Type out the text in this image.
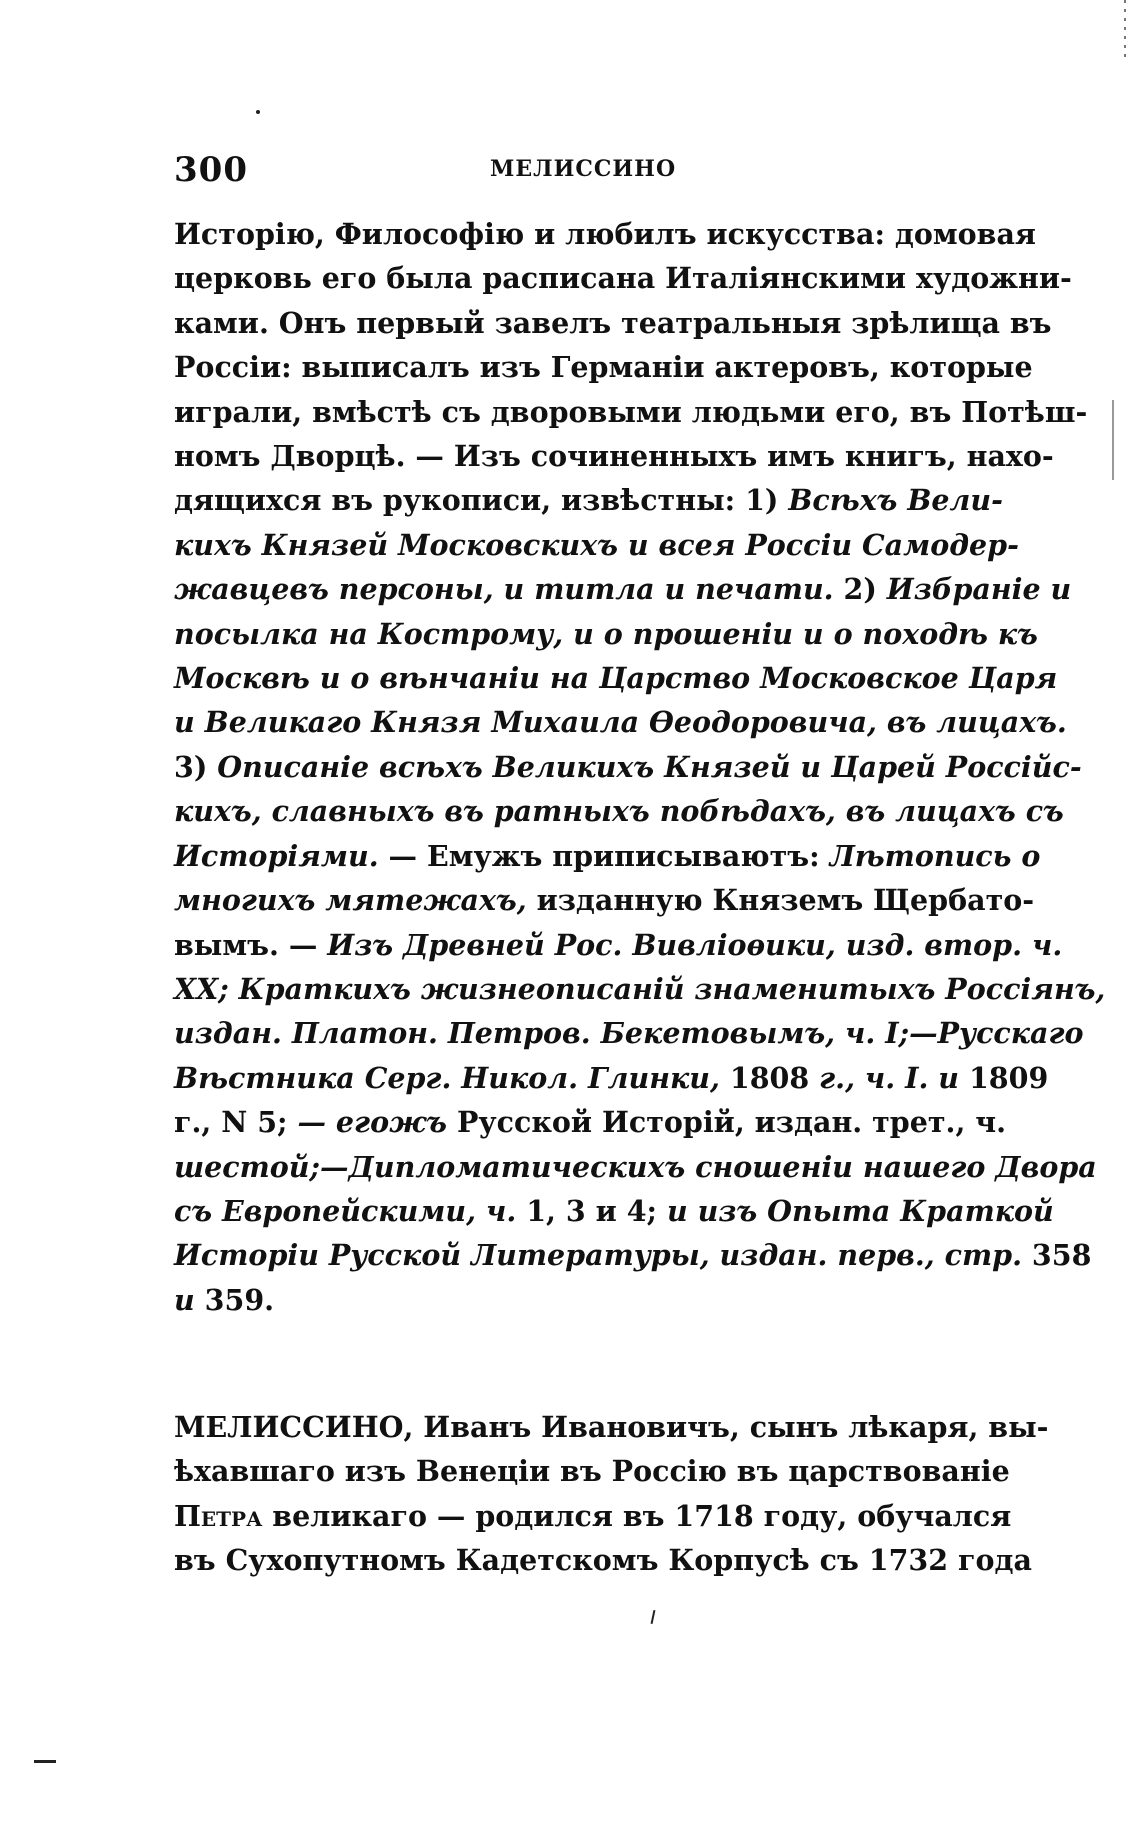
300	МЕЛИССИНО
Исторію, Философію и любилъ искусства: домовая
церковь его была расписана Италіянскими художни-
ками. Онъ первый завелъ театральныя зрѣлища въ
Россіи: выписалъ изъ Германіи актеровъ, которые
играли, вмѣстѣ съ дворовыми людьми его, въ Потѣш-
номъ Дворцѣ. — Изъ сочиненныхъ имъ книгъ, нахо-
дящихся въ рукописи, извѣстны: 1) Всѣхъ Вели-
кихъ Князей Московскихъ и всея Россіи Самодер-
жавцевъ персоны, и титла и печати. 2) Избраніе и
посылка на Кострому, и о прошеніи и о походѣ къ
Москвѣ и о вѣнчаніи на Царство Московское Царя
и Великаго Князя Михаила Ѳеодоровича, въ лицахъ.
3) Описаніе всѣхъ Великихъ Князей и Царей Россійс-
кихъ, славныхъ въ ратныхъ побѣдахъ, въ лицахъ съ
Исторіями. — Емужъ приписываютъ: Лѣтопись о
многихъ мятежахъ, изданную Княземъ Щербато-
вымъ. — Изъ Древней Рос. Вивліоѳики, изд. втор. ч.
XX; Краткихъ жизнеописаній знаменитыхъ Россіянъ,
издан. Платон. Петров. Бекетовымъ, ч. I;—Русскаго
Вѣстника Серг. Никол. Глинки, 1808 г., ч. I. и 1809
г., N 5; — егожъ Русской Исторій, издан. трет., ч.
шестой;—Дипломатическихъ сношеніи нашего Двора
съ Европейскими, ч. 1, 3 и 4; и изъ Опыта Краткой
Исторіи Русской Литературы, издан. перв., стр. 358
и 359.
МЕЛИССИНО, Иванъ Ивановичъ, сынъ лѣкаря, вы-
ѣхавшаго изъ Венеціи въ Россію въ царствованіе
Петра великаго — родился въ 1718 году, обучался
въ Сухопутномъ Кадетскомъ Корпусѣ съ 1732 года
